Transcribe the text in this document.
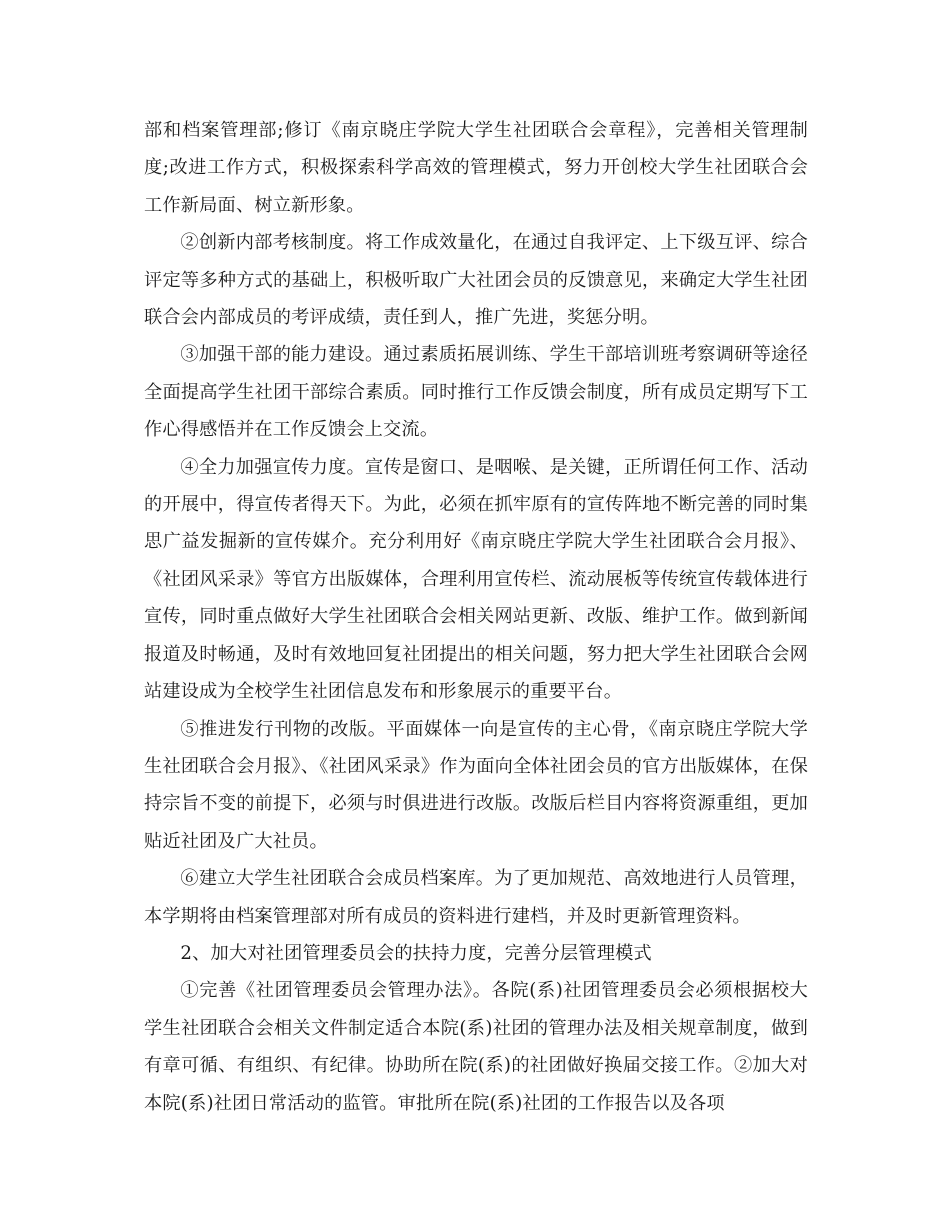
部和档案管理部;修订《南京晓庄学院大学生社团联合会章程》，完善相关管理制度;改进工作方式，积极探索科学高效的管理模式，努力开创校大学生社团联合会工作新局面、树立新形象。

②创新内部考核制度。将工作成效量化，在通过自我评定、上下级互评、综合评定等多种方式的基础上，积极听取广大社团会员的反馈意见，来确定大学生社团联合会内部成员的考评成绩，责任到人，推广先进，奖惩分明。

③加强干部的能力建设。通过素质拓展训练、学生干部培训班考察调研等途径全面提高学生社团干部综合素质。同时推行工作反馈会制度，所有成员定期写下工作心得感悟并在工作反馈会上交流。

④全力加强宣传力度。宣传是窗口、是咽喉、是关键，正所谓任何工作、活动的开展中，得宣传者得天下。为此，必须在抓牢原有的宣传阵地不断完善的同时集思广益发掘新的宣传媒介。充分利用好《南京晓庄学院大学生社团联合会月报》、《社团风采录》等官方出版媒体，合理利用宣传栏、流动展板等传统宣传载体进行宣传，同时重点做好大学生社团联合会相关网站更新、改版、维护工作。做到新闻报道及时畅通，及时有效地回复社团提出的相关问题，努力把大学生社团联合会网站建设成为全校学生社团信息发布和形象展示的重要平台。

⑤推进发行刊物的改版。平面媒体一向是宣传的主心骨，《南京晓庄学院大学生社团联合会月报》、《社团风采录》作为面向全体社团会员的官方出版媒体，在保持宗旨不变的前提下，必须与时俱进进行改版。改版后栏目内容将资源重组，更加贴近社团及广大社员。

⑥建立大学生社团联合会成员档案库。为了更加规范、高效地进行人员管理，本学期将由档案管理部对所有成员的资料进行建档，并及时更新管理资料。

2、加大对社团管理委员会的扶持力度，完善分层管理模式

①完善《社团管理委员会管理办法》。各院(系)社团管理委员会必须根据校大学生社团联合会相关文件制定适合本院(系)社团的管理办法及相关规章制度，做到有章可循、有组织、有纪律。协助所在院(系)的社团做好换届交接工作。②加大对本院(系)社团日常活动的监管。审批所在院(系)社团的工作报告以及各项
